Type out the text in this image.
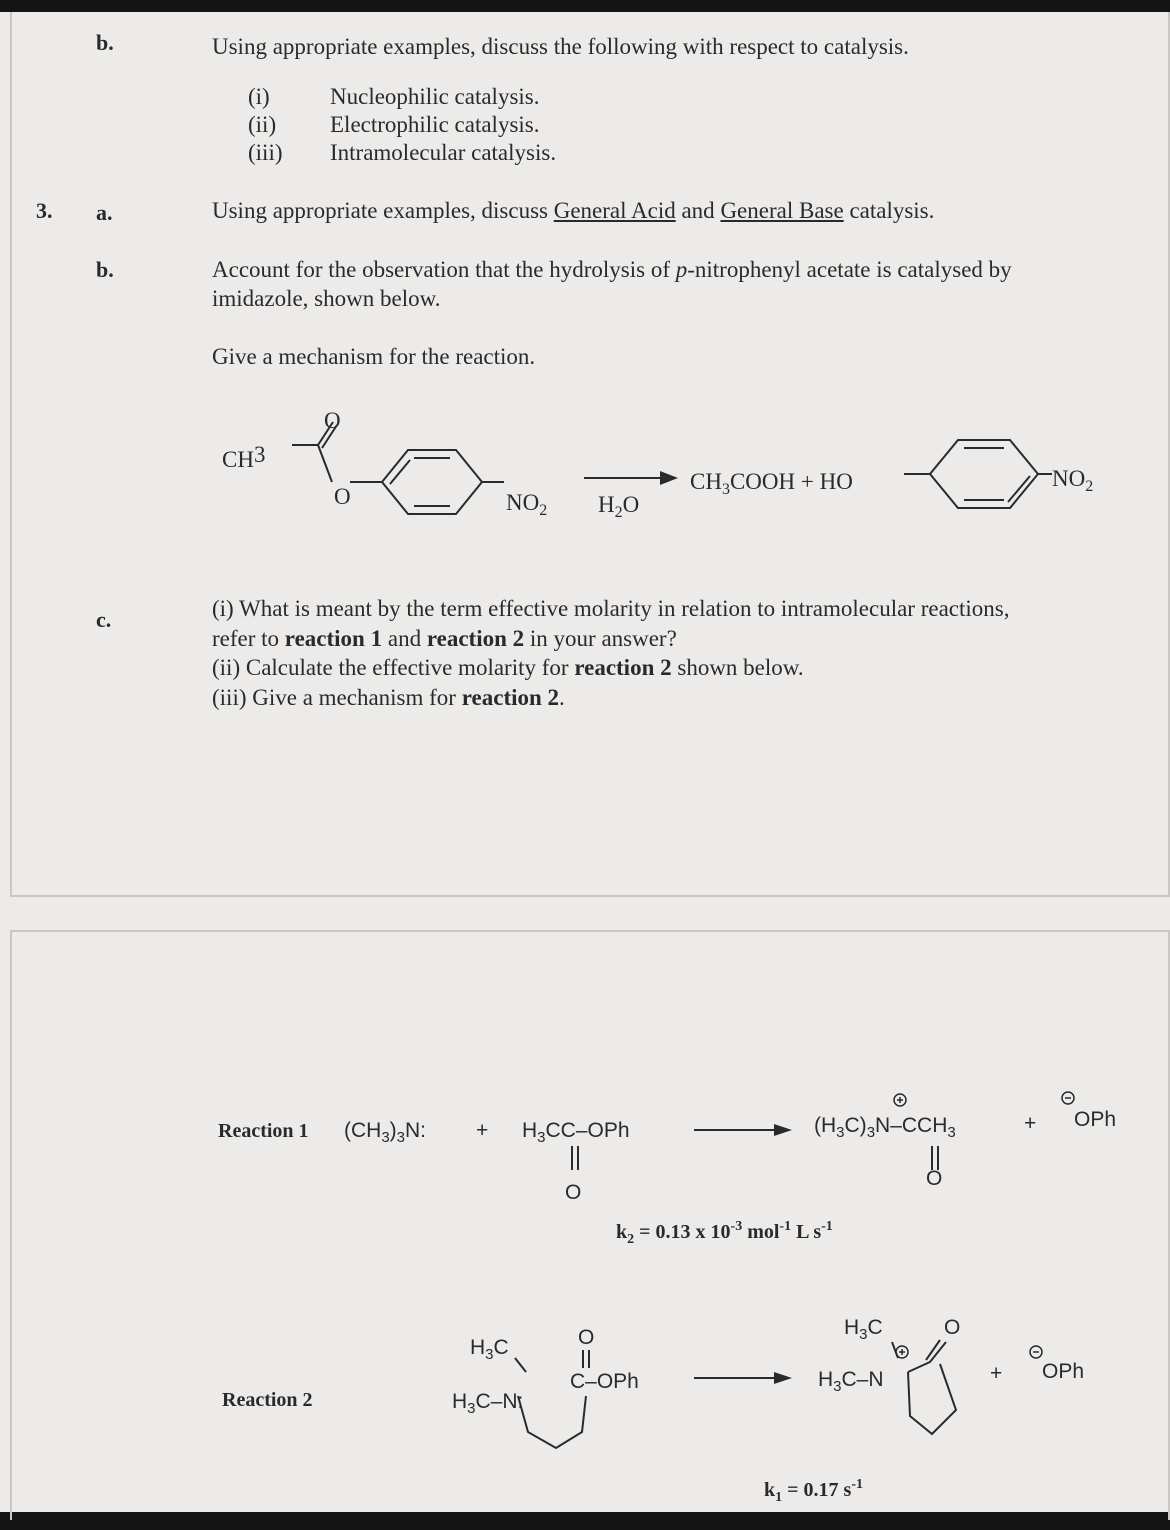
b.	Using appropriate examples, discuss the following with respect to catalysis.
(i)	Nucleophilic catalysis.
(ii) Electrophilic catalysis.
(iii) Intramolecular catalysis.
3. a.	Using appropriate examples, discuss General Acid and General Base catalysis.
b.	Account for the observation that the hydrolysis of p-nitrophenyl acetate is catalysed by
imidazole, shown below.
Give a mechanism for the reaction.
CH3
O
O	$NO_2$ $H_2O$
$CH_3COOH$ + HO	$NO_2$
c.	(i) What is meant by the term effective molarity in relation to intramolecular reactions,
refer to reaction 1 and reaction 2 in your answer?
(ii) Calculate the effective molarity for reaction 2 shown below.
(iii) Give a mechanism for reaction 2.
Reaction 1 $(CH_3)_3N$: + $H_3CC$–OPh
O
$(H_3C)_3N-CCH_3$
O
+ OPh
$k_2 = 0.13$ x $10^{-3}$ mol$^{-1}$ L $s^{-1}$
Reaction 2
$H_3C$
$H_3C-N$:
O
C–OPh
$H_3C$
$H_3C-N$
O
+ OPh
$k_1 = 0.17$ $s^{-1}$
